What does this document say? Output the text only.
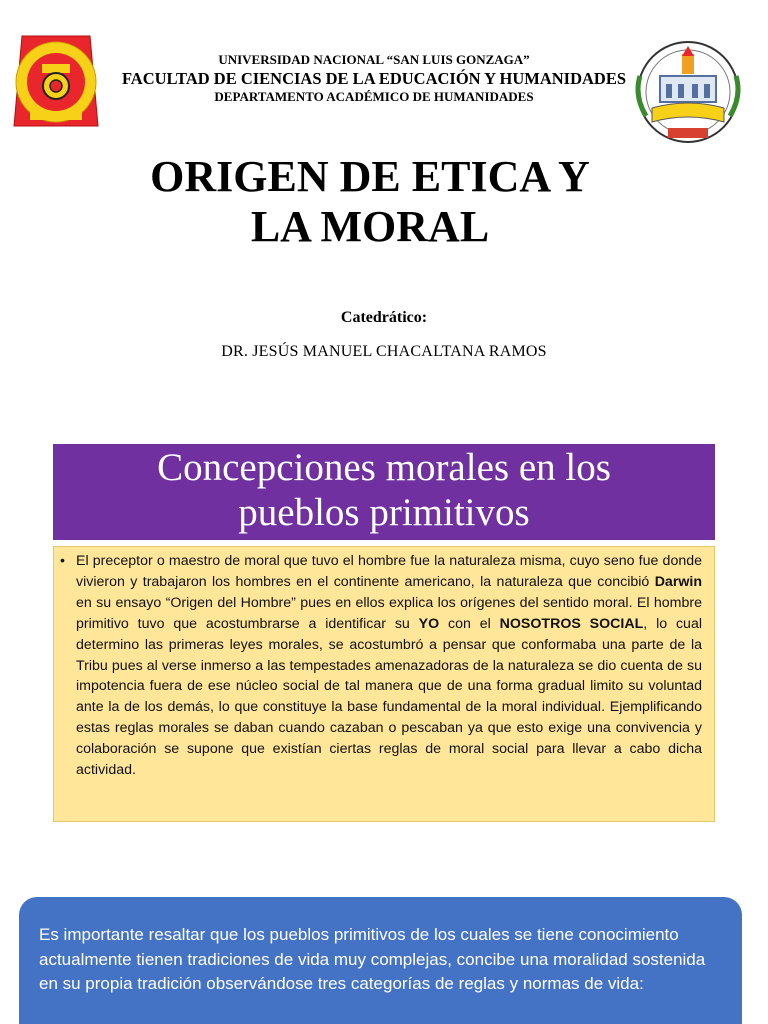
UNIVERSIDAD NACIONAL “SAN LUIS GONZAGA”
FACULTAD DE CIENCIAS DE LA EDUCACIÓN Y HUMANIDADES
DEPARTAMENTO ACADÉMICO DE HUMANIDADES
ORIGEN DE ETICA Y
LA MORAL
Catedrático:
DR. JESÚS MANUEL CHACALTANA RAMOS
Concepciones morales en los
pueblos primitivos

• El preceptor o maestro de moral que tuvo el hombre fue la naturaleza misma, cuyo seno fue donde vivieron y trabajaron los hombres en el continente americano, la naturaleza que concibió Darwin en su ensayo “Origen del Hombre” pues en ellos explica los orígenes del sentido moral. El hombre primitivo tuvo que acostumbrarse a identificar su YO con el NOSOTROS SOCIAL, lo cual determino las primeras leyes morales, se acostumbró a pensar que conformaba una parte de la Tribu pues al verse inmerso a las tempestades amenazadoras de la naturaleza se dio cuenta de su impotencia fuera de ese núcleo social de tal manera que de una forma gradual limito su voluntad ante la de los demás, lo que constituye la base fundamental de la moral individual. Ejemplificando estas reglas morales se daban cuando cazaban o pescaban ya que esto exige una convivencia y colaboración se supone que existían ciertas reglas de moral social para llevar a cabo dicha actividad.

Es importante resaltar que los pueblos primitivos de los cuales se tiene conocimiento actualmente tienen tradiciones de vida muy complejas, concibe una moralidad sostenida en su propia tradición observándose tres categorías de reglas y normas de vida:
